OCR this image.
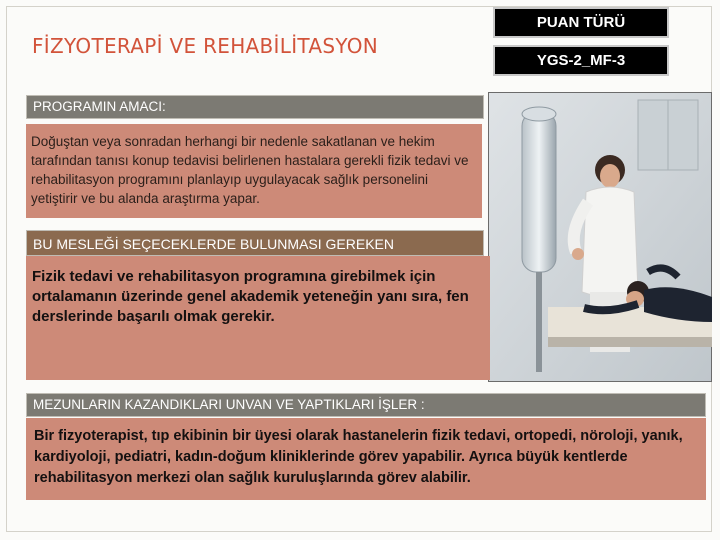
FİZYOTERAPİ VE REHABİLİTASYON
PUAN TÜRÜ
YGS-2_MF-3
PROGRAMIN AMACI:
Doğuştan veya sonradan herhangi bir nedenle sakatlanan ve hekim tarafından tanısı konup tedavisi belirlenen hastalara gerekli fizik tedavi ve rehabilitasyon programını planlayıp uygulayacak sağlık personelini yetiştirir ve bu alanda araştırma yapar.
BU MESLEĞİ SEÇECEKLERDE BULUNMASI GEREKEN
Fizik tedavi ve rehabilitasyon programına girebilmek için ortalamanın üzerinde genel akademik yeteneğin yanı sıra, fen derslerinde başarılı olmak gerekir.
MEZUNLARIN KAZANDIKLARI UNVAN VE YAPTIKLARI İŞLER :
Bir fizyoterapist, tıp ekibinin bir üyesi olarak hastanelerin fizik tedavi, ortopedi, nöroloji, yanık, kardiyoloji, pediatri, kadın-doğum kliniklerinde görev yapabilir. Ayrıca büyük kentlerde rehabilitasyon merkezi olan sağlık kuruluşlarında görev alabilir.
